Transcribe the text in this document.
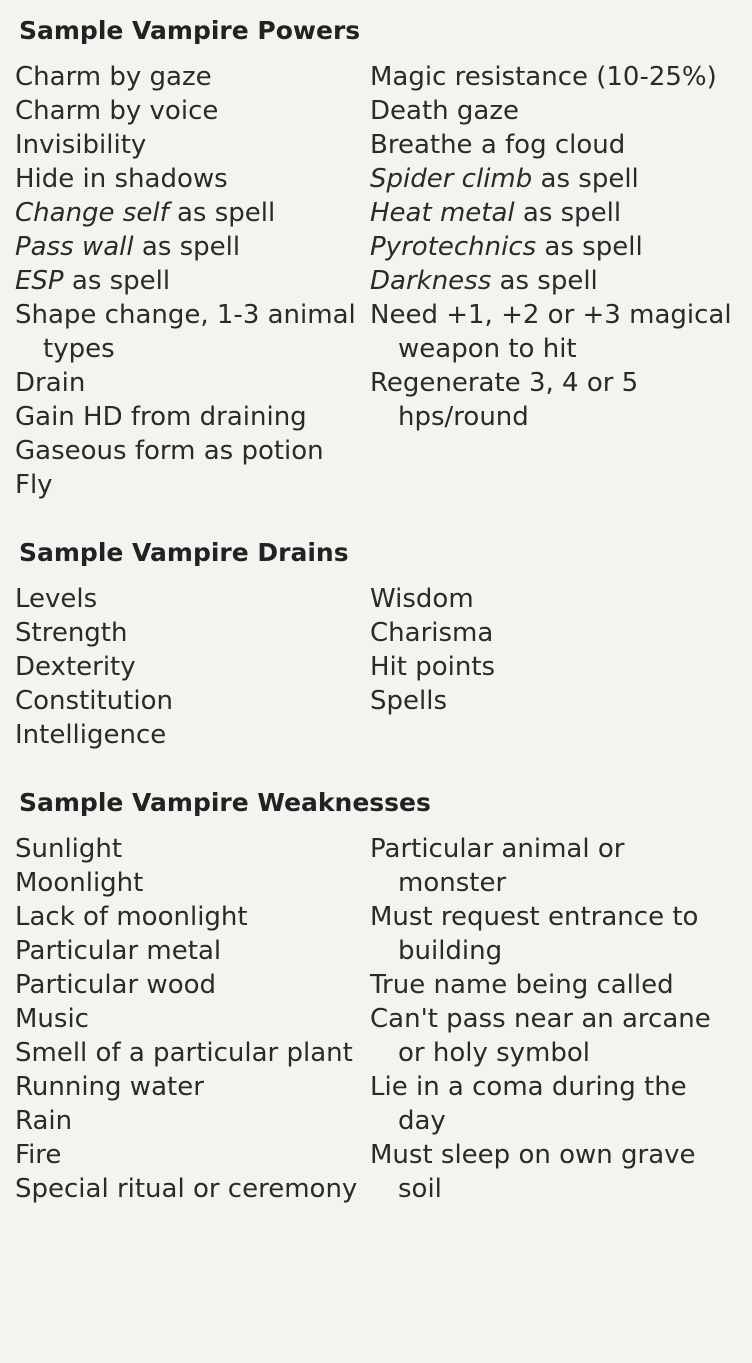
Sample Vampire Powers
Charm by gaze
Charm by voice
Invisibility
Hide in shadows
Change self as spell
Pass wall as spell
ESP as spell
Shape change, 1-3 animal types
Drain
Gain HD from draining
Gaseous form as potion
Fly
Magic resistance (10-25%)
Death gaze
Breathe a fog cloud
Spider climb as spell
Heat metal as spell
Pyrotechnics as spell
Darkness as spell
Need +1, +2 or +3 magical weapon to hit
Regenerate 3, 4 or 5 hps/round
Sample Vampire Drains
Levels
Strength
Dexterity
Constitution
Intelligence
Wisdom
Charisma
Hit points
Spells
Sample Vampire Weaknesses
Sunlight
Moonlight
Lack of moonlight
Particular metal
Particular wood
Music
Smell of a particular plant
Running water
Rain
Fire
Special ritual or ceremony
Particular animal or monster
Must request entrance to building
True name being called
Can't pass near an arcane or holy symbol
Lie in a coma during the day
Must sleep on own grave soil
